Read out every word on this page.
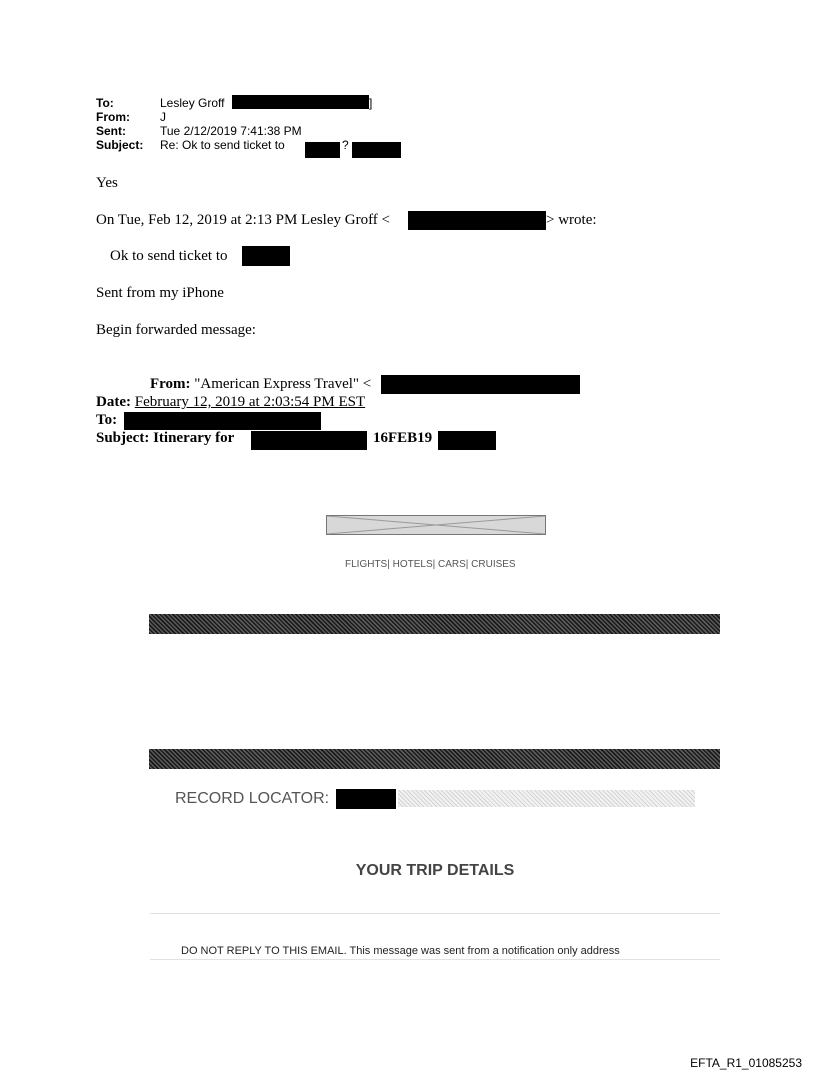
To:	Lesley Groff	]
From:	J
Sent:	Tue 2/12/2019 7:41:38 PM
Subject: Re: Ok to send ticket to	?
Yes
On Tue, Feb 12, 2019 at 2:13 PM Lesley Groff <	> wrote:
Ok to send ticket to
Sent from my iPhone
Begin forwarded message:
From: "American Express Travel" <
Date: February 12, 2019 at 2:03:54 PM EST
To:
Subject: Itinerary for	16FEB19
FLIGHTS| HOTELS| CARS| CRUISES
RECORD LOCATOR:
YOUR TRIP DETAILS
DO NOT REPLY TO THIS EMAIL. This message was sent from a notification only address
EFTA_R1_01085253
